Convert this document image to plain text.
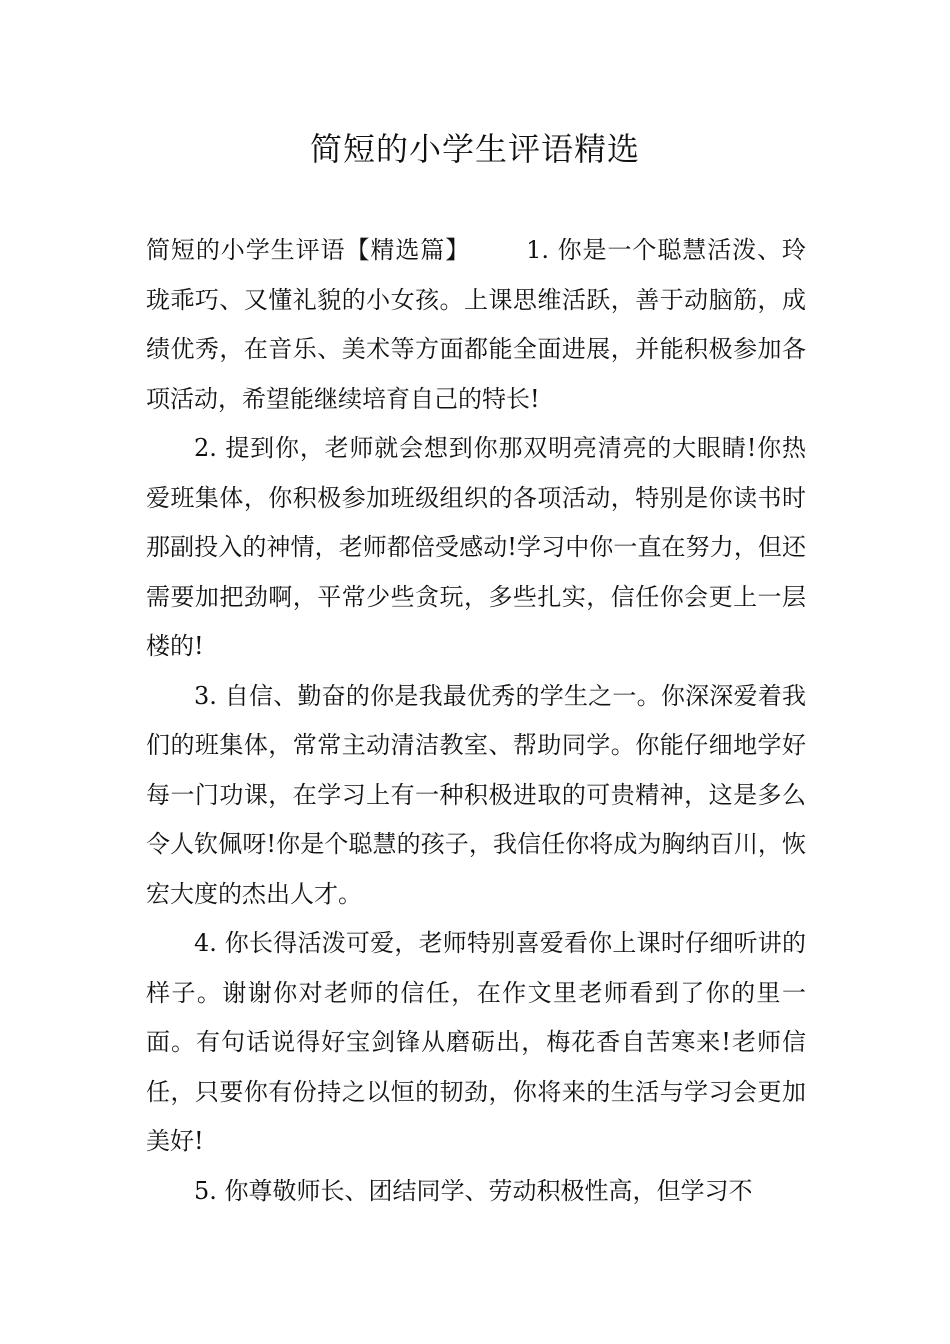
简短的小学生评语精选

简短的小学生评语【精选篇】 1. 你是一个聪慧活泼、玲珑乖巧、又懂礼貌的小女孩。上课思维活跃，善于动脑筋，成绩优秀，在音乐、美术等方面都能全面进展，并能积极参加各项活动，希望能继续培育自己的特长!

2. 提到你，老师就会想到你那双明亮清亮的大眼睛!你热爱班集体，你积极参加班级组织的各项活动，特别是你读书时那副投入的神情，老师都倍受感动!学习中你一直在努力，但还需要加把劲啊，平常少些贪玩，多些扎实，信任你会更上一层楼的!

3. 自信、勤奋的你是我最优秀的学生之一。你深深爱着我们的班集体，常常主动清洁教室、帮助同学。你能仔细地学好每一门功课，在学习上有一种积极进取的可贵精神，这是多么令人钦佩呀!你是个聪慧的孩子，我信任你将成为胸纳百川，恢宏大度的杰出人才。

4. 你长得活泼可爱，老师特别喜爱看你上课时仔细听讲的样子。谢谢你对老师的信任，在作文里老师看到了你的里一面。有句话说得好宝剑锋从磨砺出，梅花香自苦寒来!老师信任，只要你有份持之以恒的韧劲，你将来的生活与学习会更加美好!

5. 你尊敬师长、团结同学、劳动积极性高，但学习不
